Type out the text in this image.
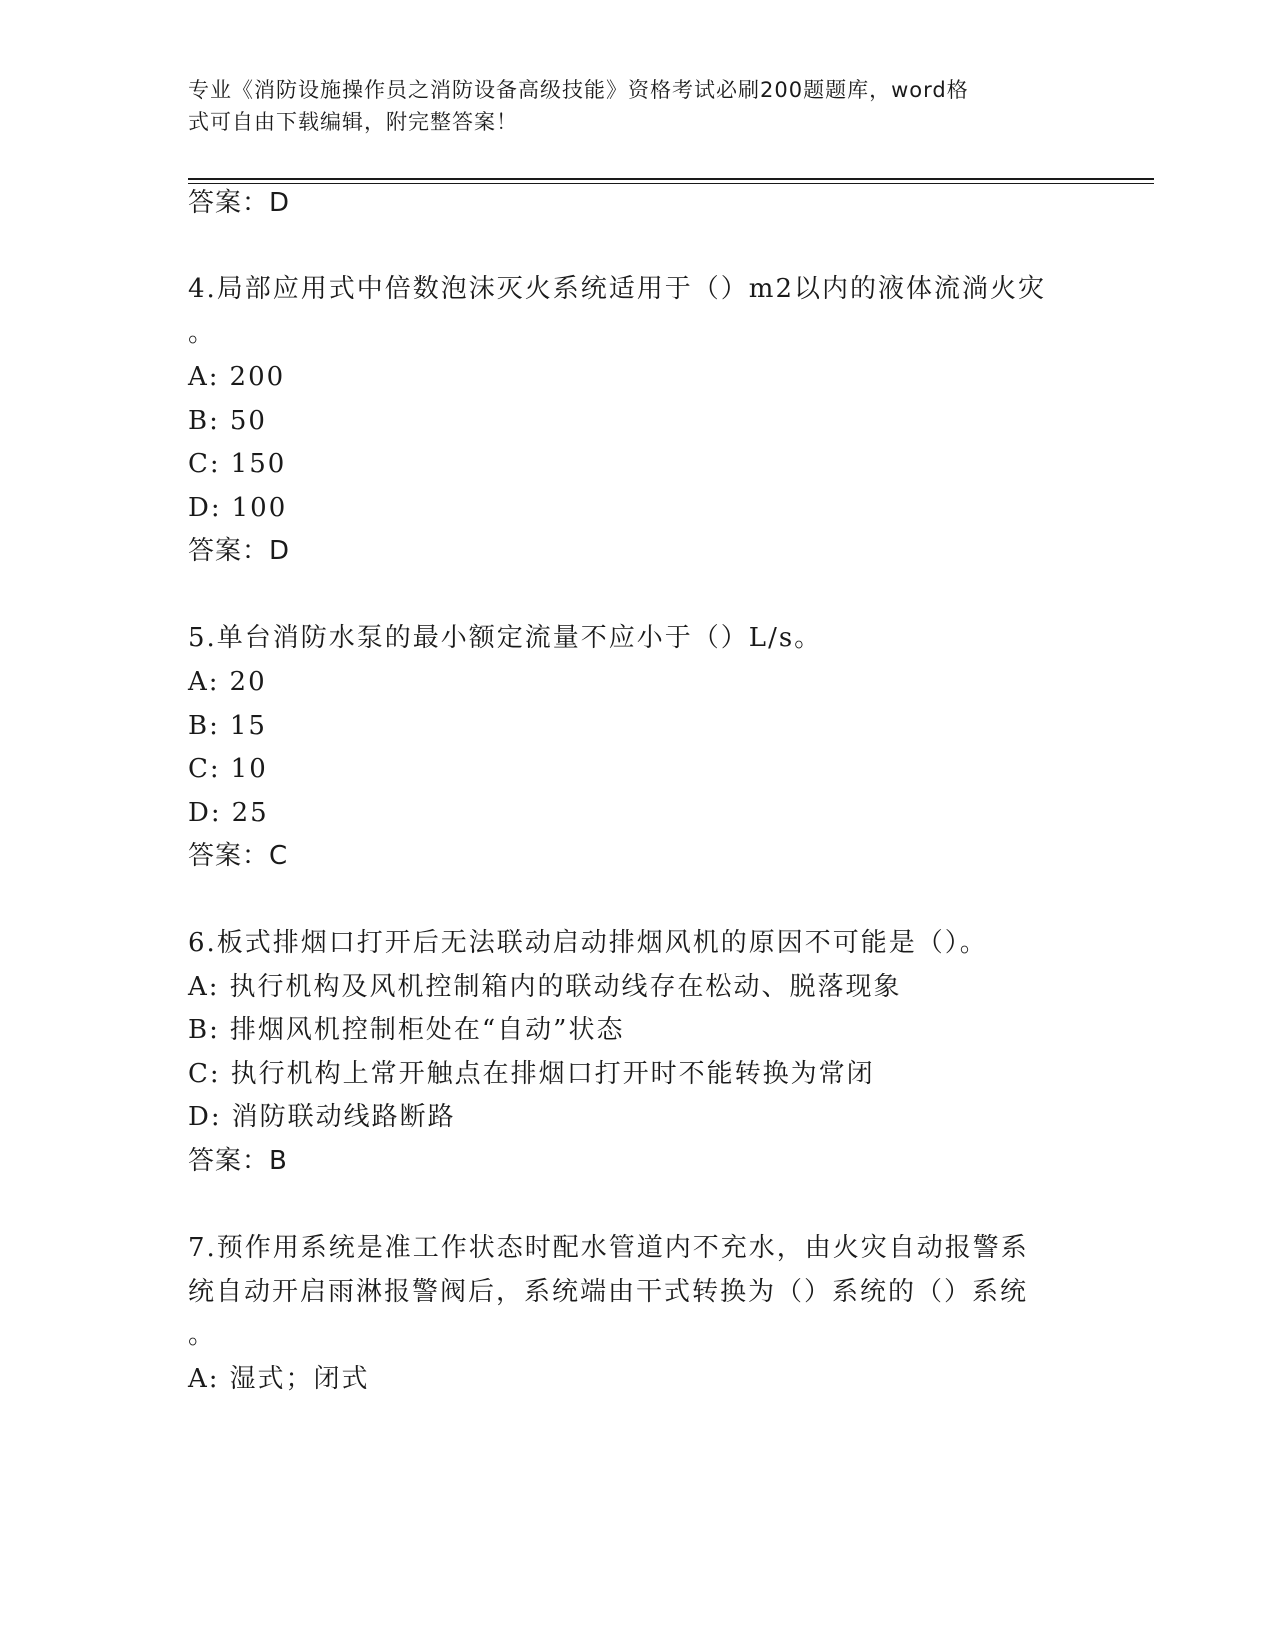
专业《消防设施操作员之消防设备高级技能》资格考试必刷200题题库，word格
式可自由下载编辑，附完整答案！
答案：D
4.局部应用式中倍数泡沫灭火系统适用于（）m2以内的液体流淌火灾
。
A: 200
B: 50
C: 150
D: 100
答案：D
5.单台消防水泵的最小额定流量不应小于（）L/s。
A: 20
B: 15
C: 10
D: 25
答案：C
6.板式排烟口打开后无法联动启动排烟风机的原因不可能是（）。
A: 执行机构及风机控制箱内的联动线存在松动、脱落现象
B: 排烟风机控制柜处在“自动”状态
C: 执行机构上常开触点在排烟口打开时不能转换为常闭
D: 消防联动线路断路
答案：B
7.预作用系统是准工作状态时配水管道内不充水，由火灾自动报警系
统自动开启雨淋报警阀后，系统端由干式转换为（）系统的（）系统
。
A: 湿式；闭式
